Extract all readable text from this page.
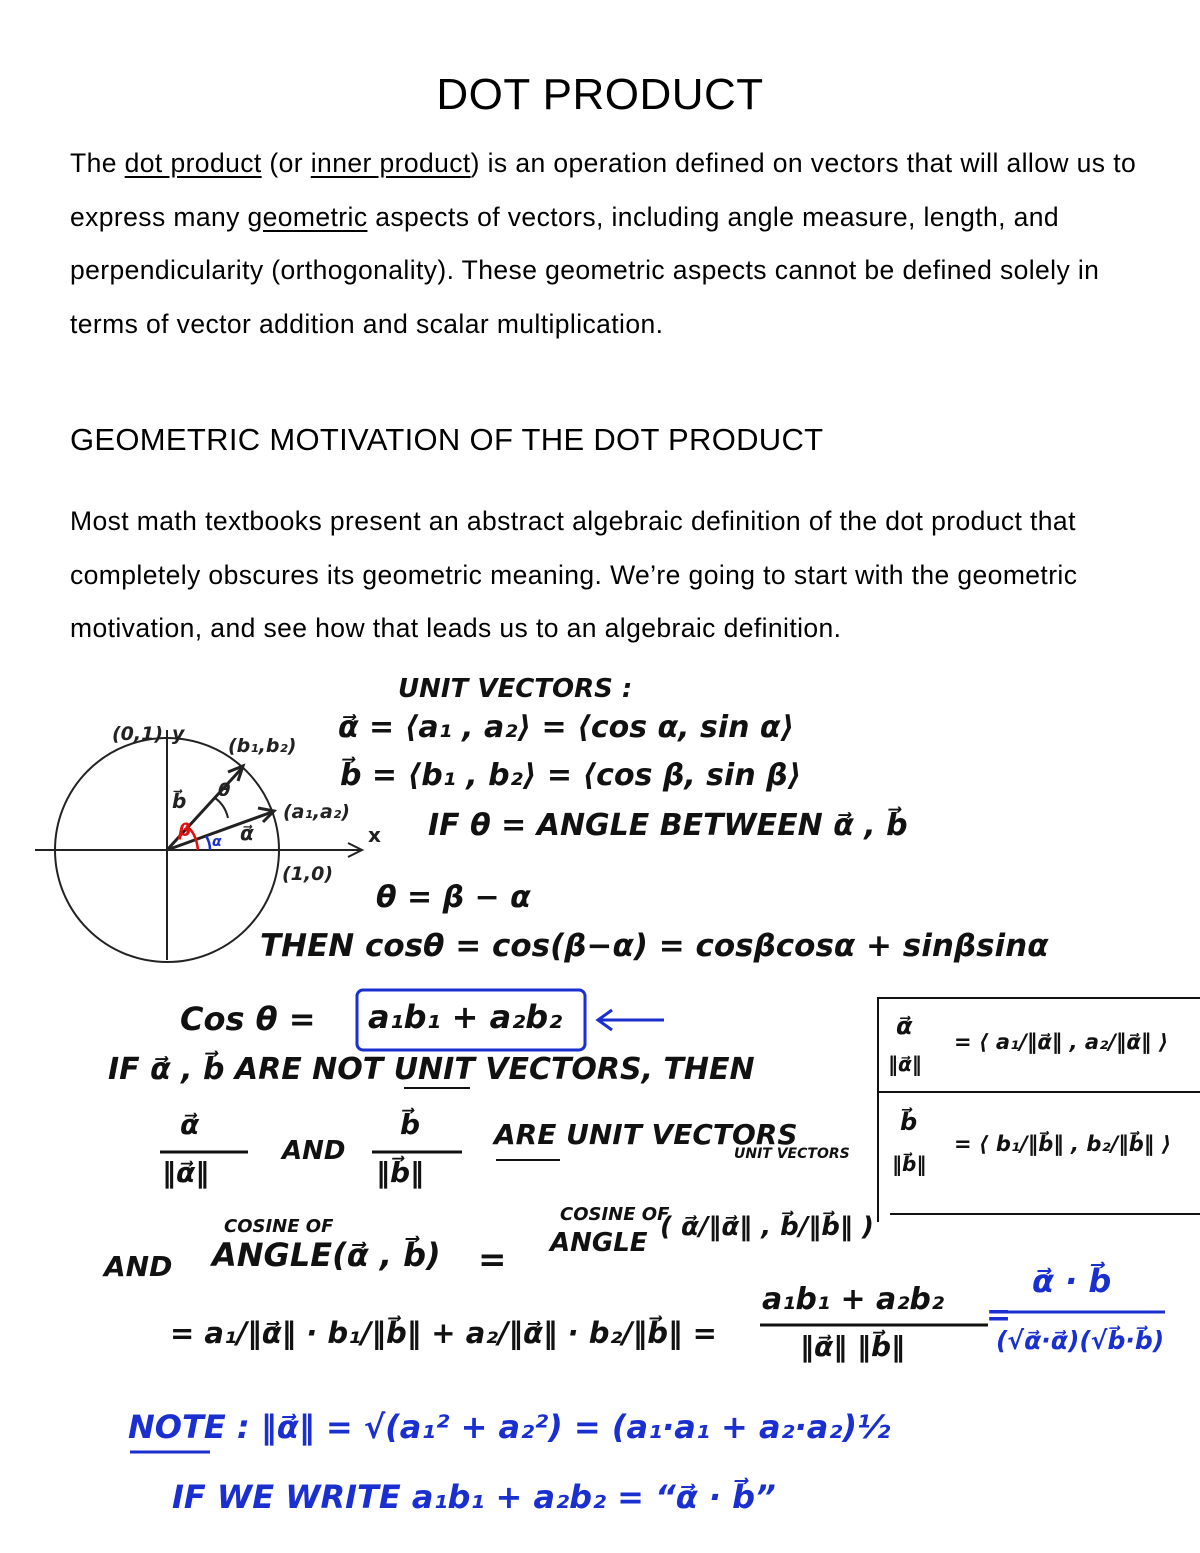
DOT PRODUCT
The dot product (or inner product) is an operation defined on vectors that will allow us to express many geometric aspects of vectors, including angle measure, length, and perpendicularity (orthogonality). These geometric aspects cannot be defined solely in terms of vector addition and scalar multiplication.
GEOMETRIC MOTIVATION OF THE DOT PRODUCT
Most math textbooks present an abstract algebraic definition of the dot product that completely obscures its geometric meaning. We’re going to start with the geometric motivation, and see how that leads us to an algebraic definition.
(0,1) y
(b₁,b₂)
(a₁,a₂)
(1,0)
x
b⃗
α⃗
θ
β
α
UNIT VECTORS :
α⃗ = ⟨a₁ , a₂⟩ = ⟨cos α, sin α⟩
b⃗ = ⟨b₁ , b₂⟩ = ⟨cos β, sin β⟩
IF θ = ANGLE BETWEEN α⃗ , b⃗
θ = β − α
THEN cosθ = cos(β−α) = cosβcosα + sinβsinα
Cos θ = a₁b₁ + a₂b₂
IF α⃗ , b⃗ ARE NOT UNIT VECTORS, THEN
α⃗
‖α⃗‖
AND
b⃗
‖b⃗‖
ARE UNIT VECTORS
UNIT VECTORS
α⃗
‖α⃗‖
= ⟨ a₁/‖α⃗‖ , a₂/‖α⃗‖ ⟩
b⃗
‖b⃗‖
= ⟨ b₁/‖b⃗‖ , b₂/‖b⃗‖ ⟩
AND
COSINE OF
ANGLE(α⃗ , b⃗) =
COSINE OF
ANGLE
( α⃗/‖α⃗‖ , b⃗/‖b⃗‖ )
= a₁/‖α⃗‖ · b₁/‖b⃗‖ + a₂/‖α⃗‖ · b₂/‖b⃗‖ =
a₁b₁ + a₂b₂
‖α⃗‖ ‖b⃗‖
=
α⃗ · b⃗
(√α⃗·α⃗)(√b⃗·b⃗)
NOTE : ‖α⃗‖ = √(a₁² + a₂²) = (a₁·a₁ + a₂·a₂)½
IF WE WRITE a₁b₁ + a₂b₂ = “α⃗ · b⃗”
